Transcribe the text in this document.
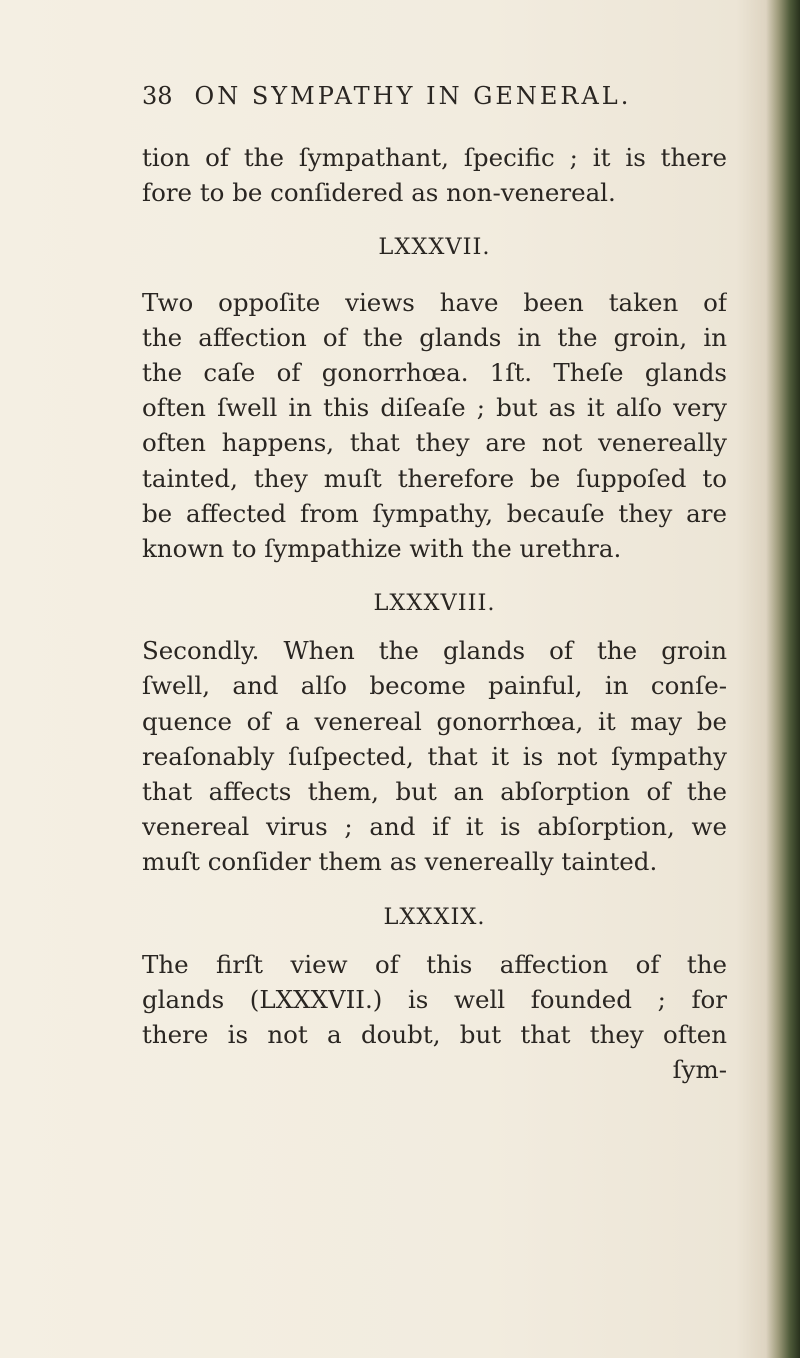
38 ON SYMPATHY IN GENERAL.
tion of the ſympathant, ſpecific ; it is there
fore to be conſidered as non-venereal.
LXXXVII.
Two oppoſite views have been taken of
the affection of the glands in the groin, in
the caſe of gonorrhœa. 1ſt. Theſe glands
often ſwell in this diſeaſe ; but as it alſo very
often happens, that they are not venereally
tainted, they muſt therefore be ſuppoſed to
be affected from ſympathy, becauſe they are
known to ſympathize with the urethra.
LXXXVIII.
Secondly. When the glands of the groin
ſwell, and alſo become painful, in conſe-
quence of a venereal gonorrhœa, it may be
reaſonably ſuſpected, that it is not ſympathy
that affects them, but an abſorption of the
venereal virus ; and if it is abſorption, we
muſt conſider them as venereally tainted.
LXXXIX.
The firſt view of this affection of the
glands (LXXXVII.) is well founded ; for
there is not a doubt, but that they often
ſym-
